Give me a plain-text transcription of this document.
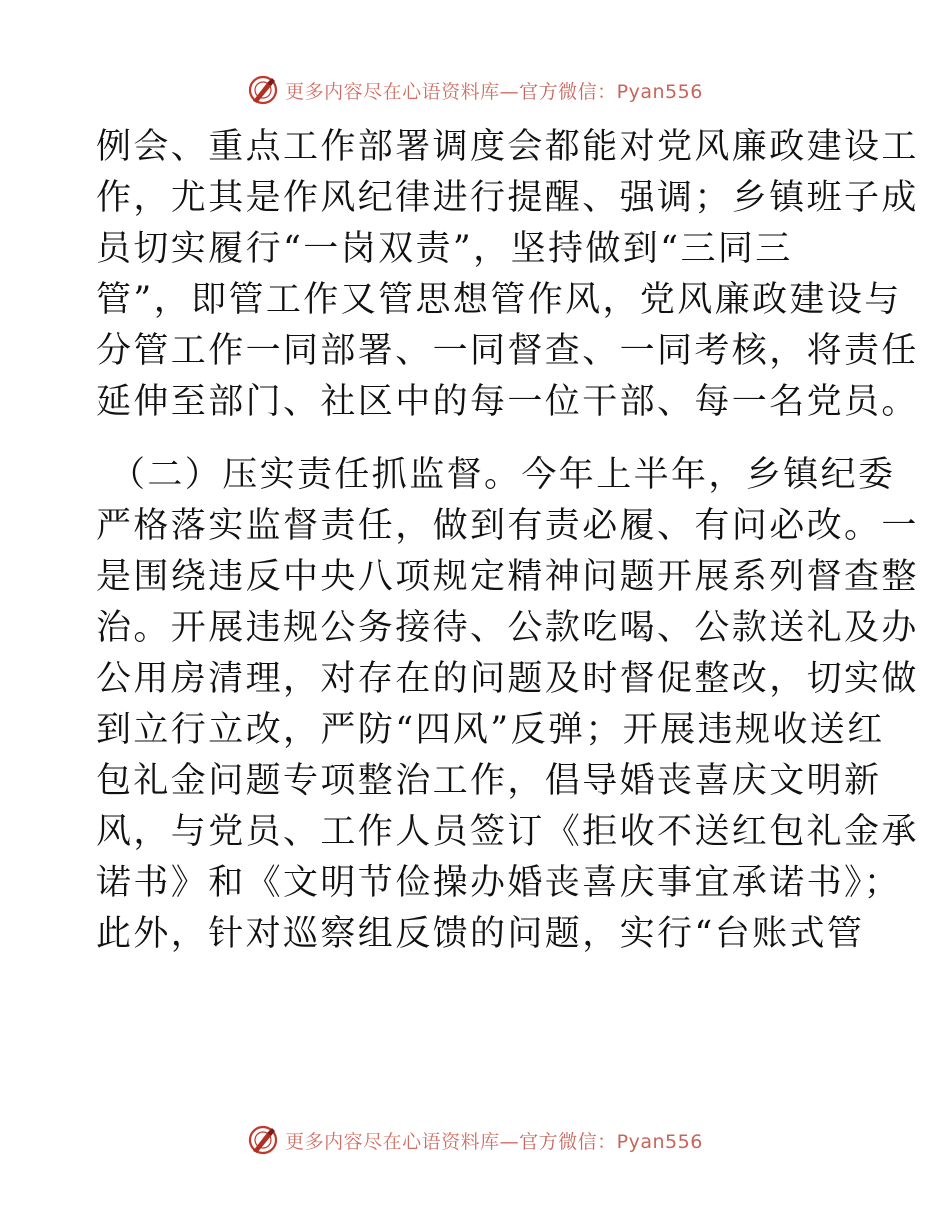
更多内容尽在心语资料库—官方微信：Pyan556
例会、重点工作部署调度会都能对党风廉政建设工
作，尤其是作风纪律进行提醒、强调；乡镇班子成
员切实履行“一岗双责”，坚持做到“三同三
管”，即管工作又管思想管作风，党风廉政建设与
分管工作一同部署、一同督查、一同考核，将责任
延伸至部门、社区中的每一位干部、每一名党员。
（二）压实责任抓监督。今年上半年，乡镇纪委
严格落实监督责任，做到有责必履、有问必改。一
是围绕违反中央八项规定精神问题开展系列督查整
治。开展违规公务接待、公款吃喝、公款送礼及办
公用房清理，对存在的问题及时督促整改，切实做
到立行立改，严防“四风”反弹；开展违规收送红
包礼金问题专项整治工作，倡导婚丧喜庆文明新
风，与党员、工作人员签订《拒收不送红包礼金承
诺书》和《文明节俭操办婚丧喜庆事宜承诺书》；
此外，针对巡察组反馈的问题，实行“台账式管
更多内容尽在心语资料库—官方微信：Pyan556
